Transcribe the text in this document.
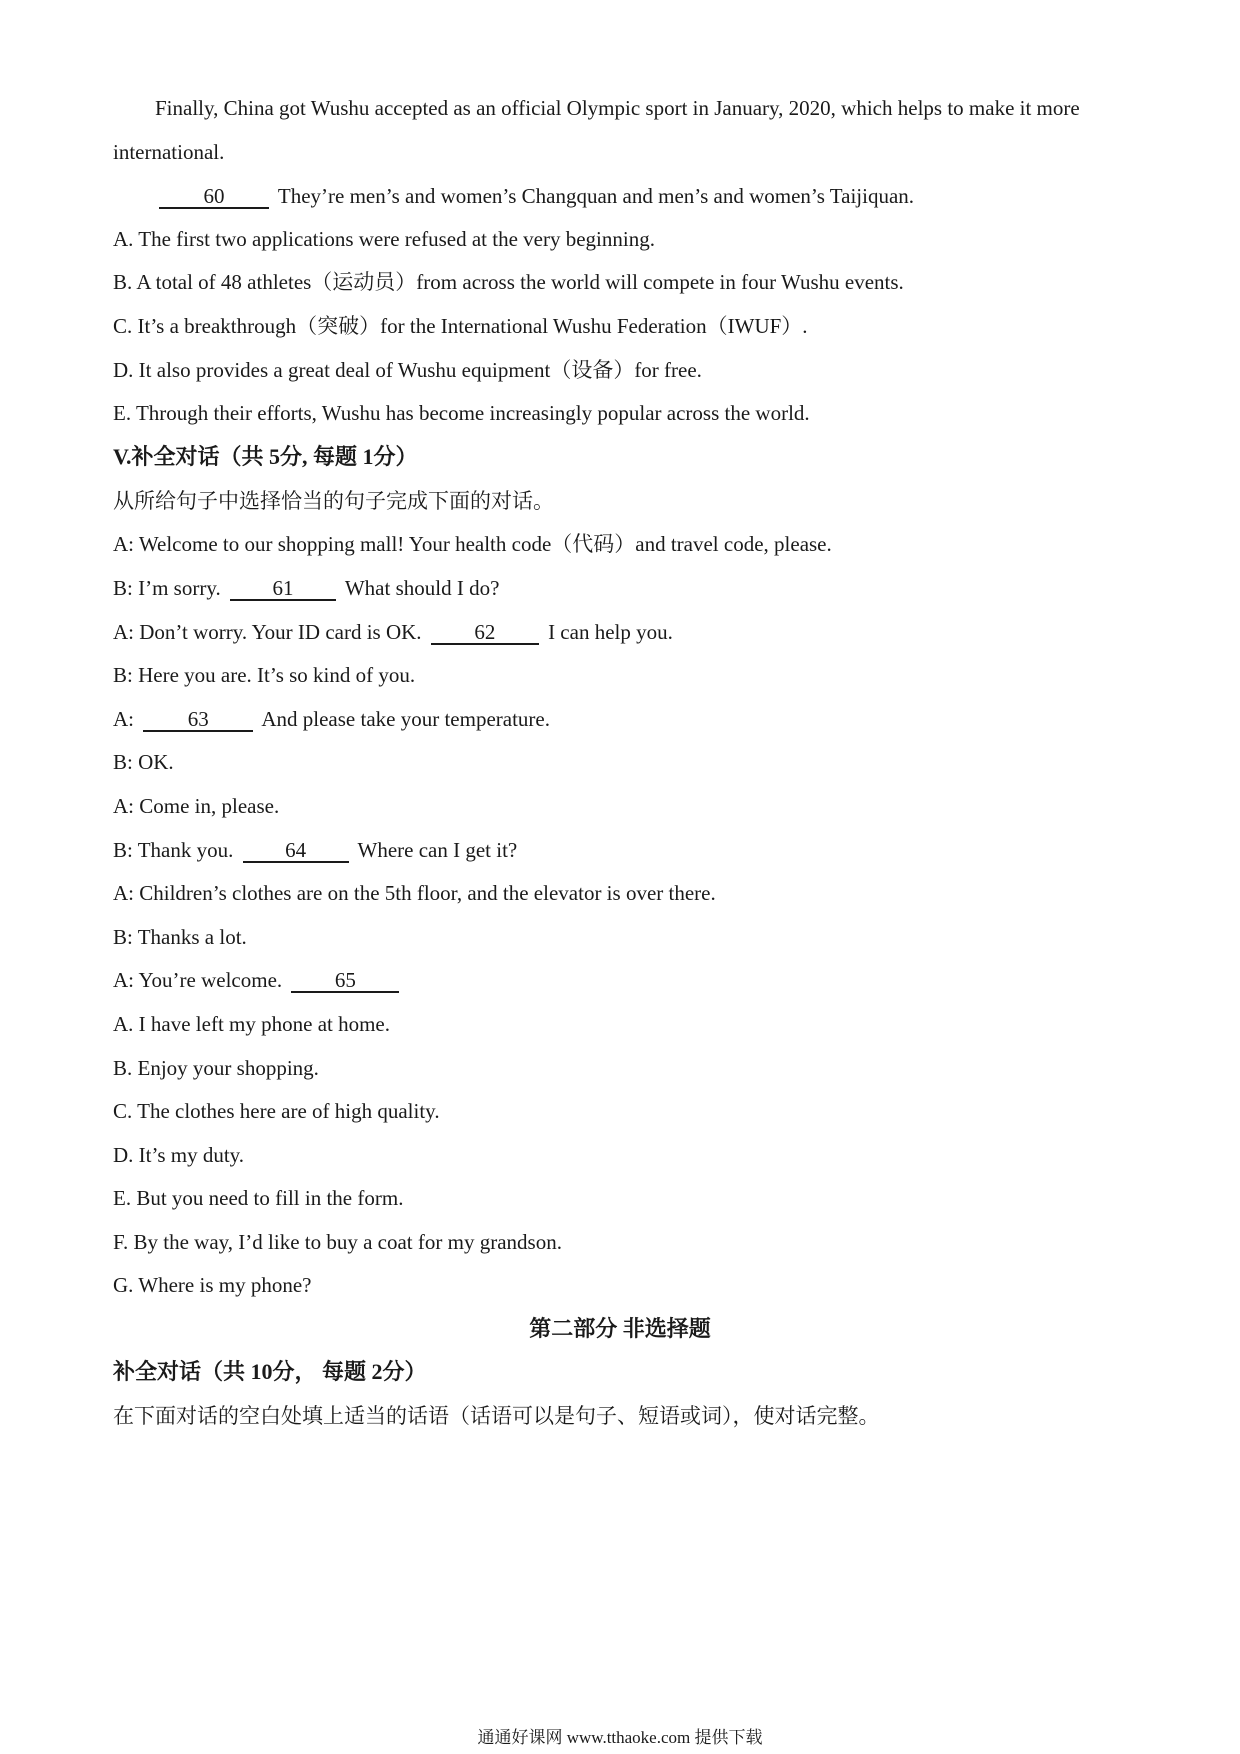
Finally, China got Wushu accepted as an official Olympic sport in January, 2020, which helps to make it more
international.
60	They’re men’s and women’s Changquan and men’s and women’s Taijiquan.
A. The first two applications were refused at the very beginning.
B. A total of 48 athletes（运动员）from across the world will compete in four Wushu events.
C. It’s a breakthrough（突破）for the International Wushu Federation（IWUF）.
D. It also provides a great deal of Wushu equipment（设备）for free.
E. Through their efforts, Wushu has become increasingly popular across the world.
V.补全对话（共 5分, 每题 1分）
从所给句子中选择恰当的句子完成下面的对话。
A: Welcome to our shopping mall! Your health code（代码）and travel code, please.
B: I’m sorry. 61 What should I do?
A: Don’t worry. Your ID card is OK.	62	I can help you.
B: Here you are. It’s so kind of you.
A:	63	And please take your temperature.
B: OK.
A: Come in, please.
B: Thank you. 64 Where can I get it?
A: Children’s clothes are on the 5th floor, and the elevator is over there.
B: Thanks a lot.
A: You’re welcome.	65
A. I have left my phone at home.
B. Enjoy your shopping.
C. The clothes here are of high quality.
D. It’s my duty.
E. But you need to fill in the form.
F. By the way, I’d like to buy a coat for my grandson.
G. Where is my phone?
第二部分 非选择题
补全对话（共 10分， 每题 2分）
在下面对话的空白处填上适当的话语（话语可以是句子、短语或词），使对话完整。
通通好课网 www.tthaoke.com 提供下载
